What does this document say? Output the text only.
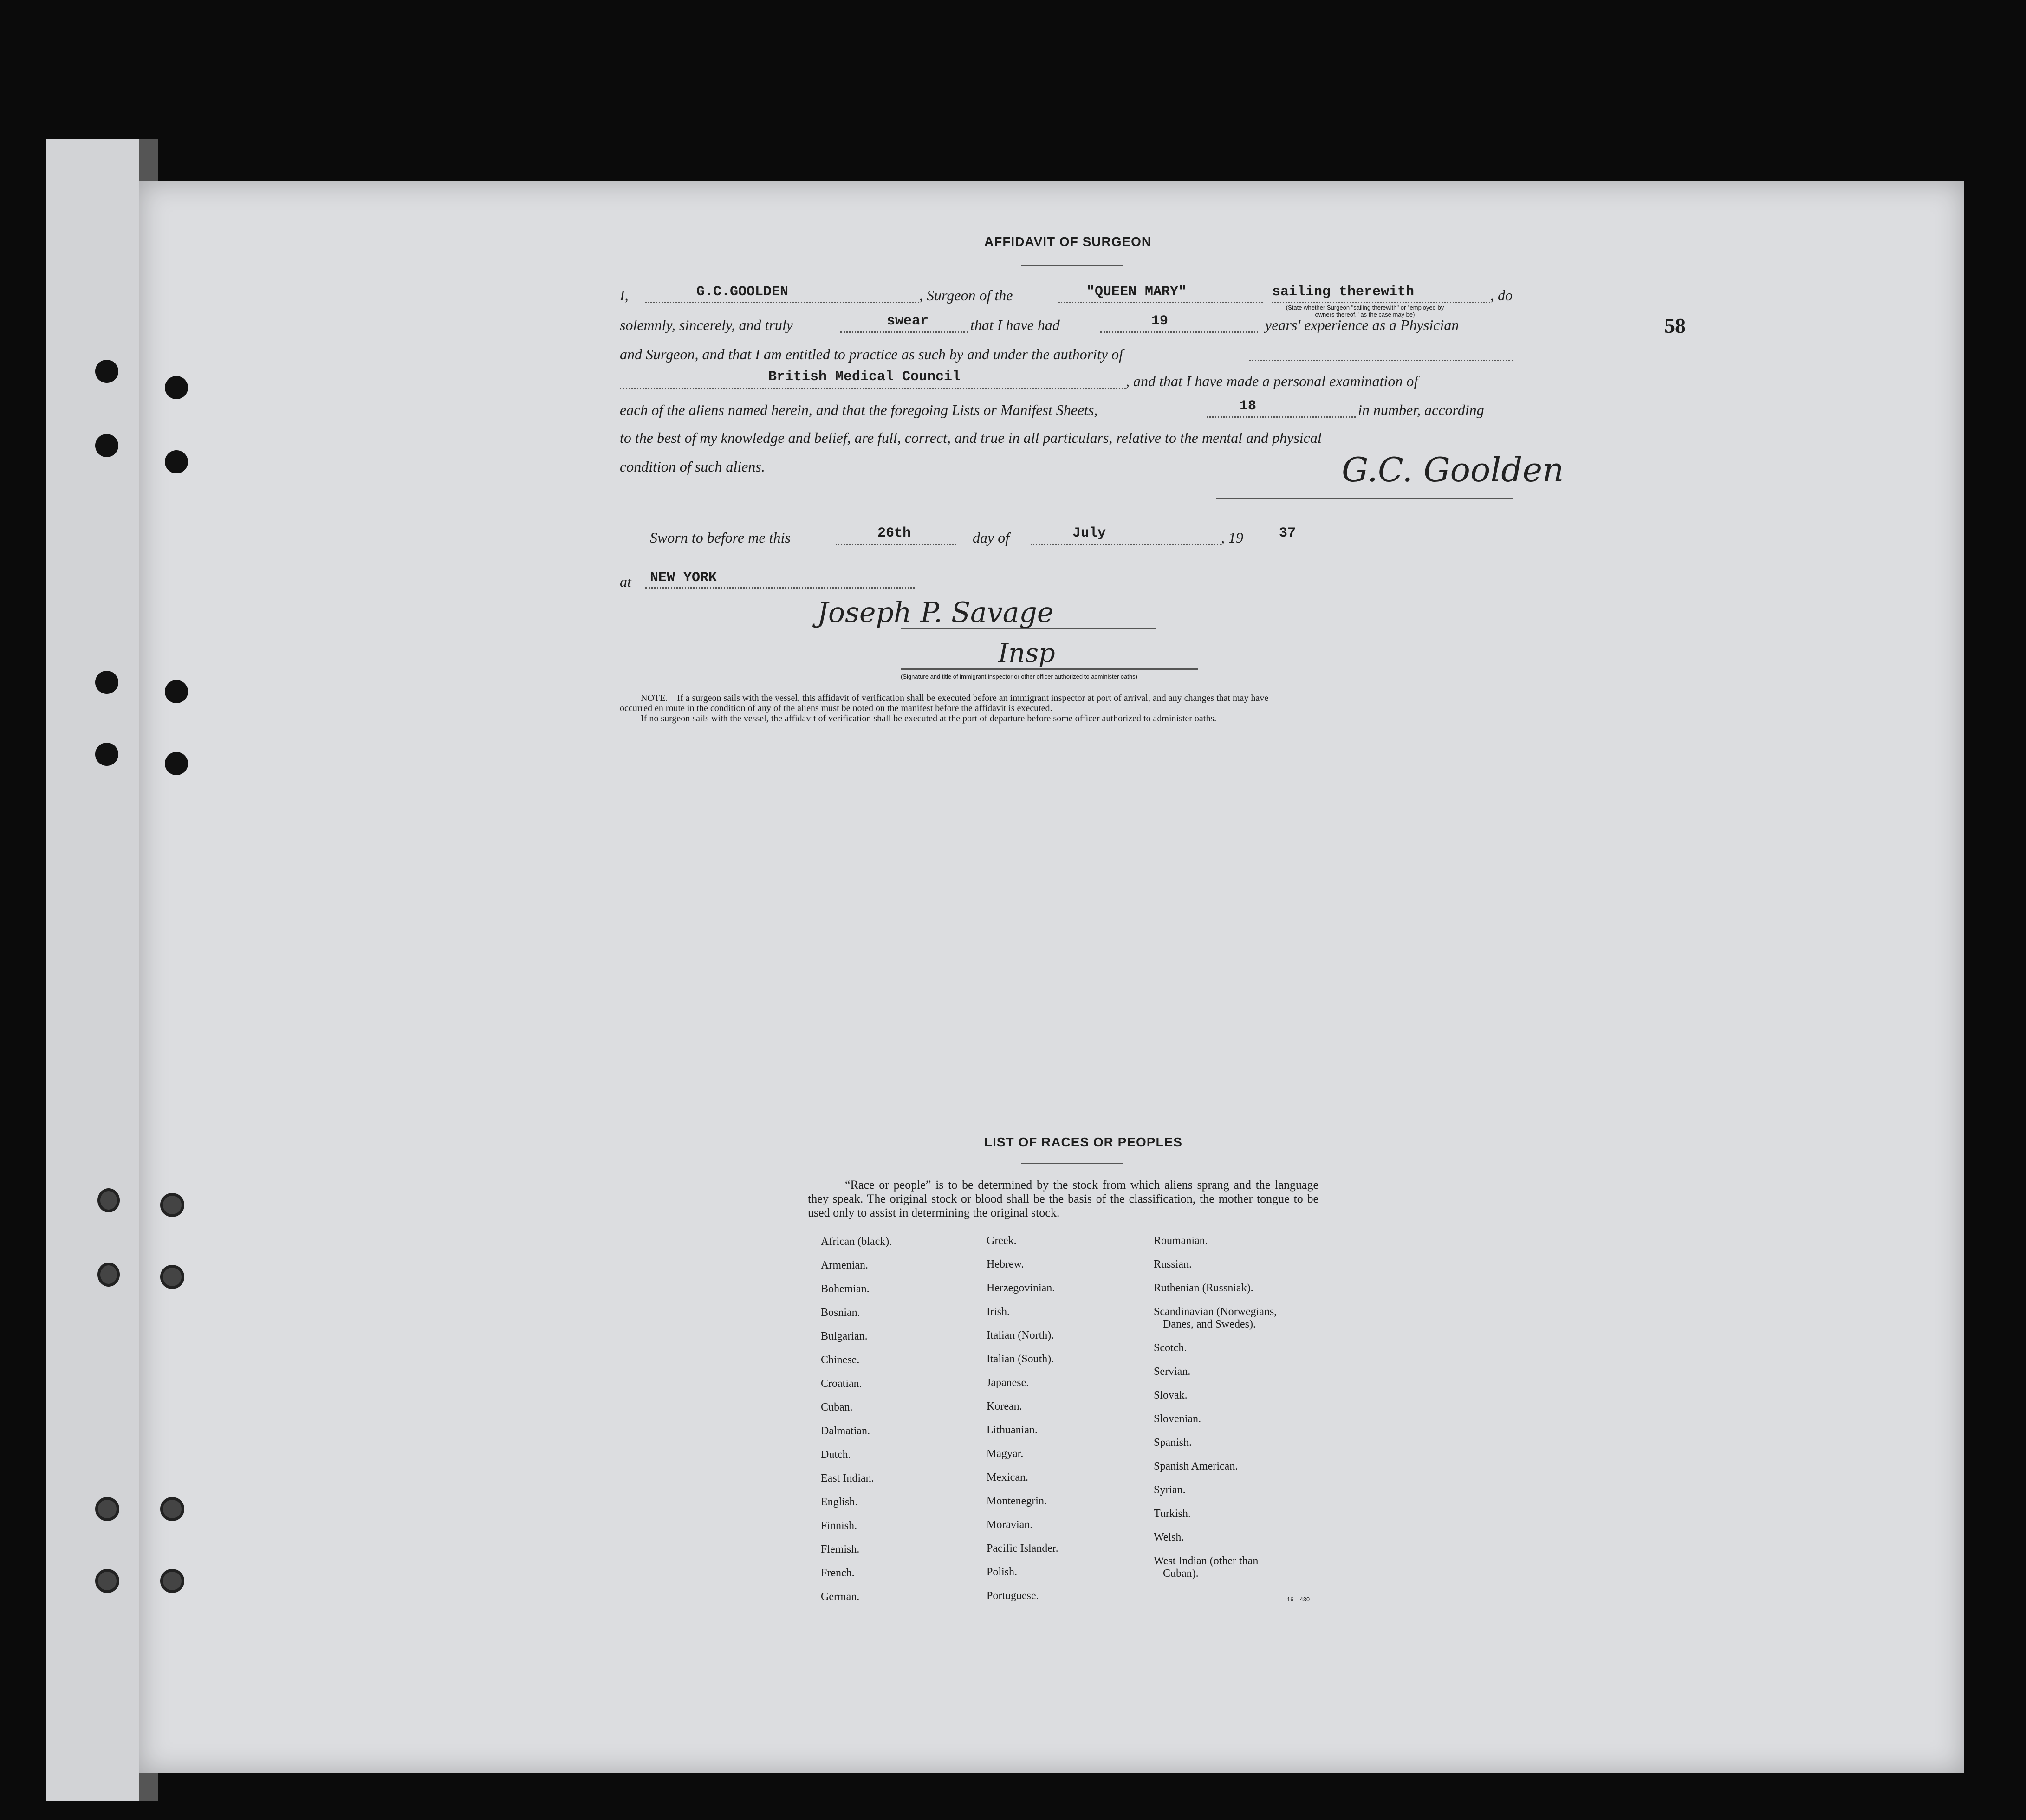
58
AFFIDAVIT OF SURGEON
I,	G.C.GOOLDEN	, Surgeon of the	"QUEEN MARY"	sailing therewith	, do
(State whether Surgeon "sailing therewith" or "employed by owners thereof," as the case may be)
solemnly, sincerely, and truly	swear	that I have had	19	years' experience as a Physician
and Surgeon, and that I am entitled to practice as such by and under the authority of
British Medical Council	, and that I have made a personal examination of
each of the aliens named herein, and that the foregoing Lists or Manifest Sheets,	18	in number, according
to the best of my knowledge and belief, are full, correct, and true in all particulars, relative to the mental and physical
condition of such aliens.	G.C. Goolden
Sworn to before me this	26th	day of	July	, 19	37
at NEW YORK
Joseph P. Savage
Insp
(Signature and title of immigrant inspector or other officer authorized to administer oaths)
NOTE.—If a surgeon sails with the vessel, this affidavit of verification shall be executed before an immigrant inspector at port of arrival, and any changes that may have
occurred en route in the condition of any of the aliens must be noted on the manifest before the affidavit is executed.
If no surgeon sails with the vessel, the affidavit of verification shall be executed at the port of departure before some officer authorized to administer oaths.
LIST OF RACES OR PEOPLES
“Race or people” is to be determined by the stock from which aliens sprang and the language they speak. The original stock or blood shall be the basis of the classification, the mother tongue to be used only to assist in determining the original stock.
African (black).
Armenian.
Bohemian.
Bosnian.
Bulgarian.
Chinese.
Croatian.
Cuban.
Dalmatian.
Dutch.
East Indian.
English.
Finnish.
Flemish.
French.
German.
Greek.
Hebrew.
Herzegovinian.
Irish.
Italian (North).
Italian (South).
Japanese.
Korean.
Lithuanian.
Magyar.
Mexican.
Montenegrin.
Moravian.
Pacific Islander.
Polish.
Portuguese.
Roumanian.
Russian.
Ruthenian (Russniak).
Scandinavian (Norwegians,
Danes, and Swedes).
Scotch.
Servian.
Slovak.
Slovenian.
Spanish.
Spanish American.
Syrian.
Turkish.
Welsh.
West Indian (other than
Cuban).
16—430
